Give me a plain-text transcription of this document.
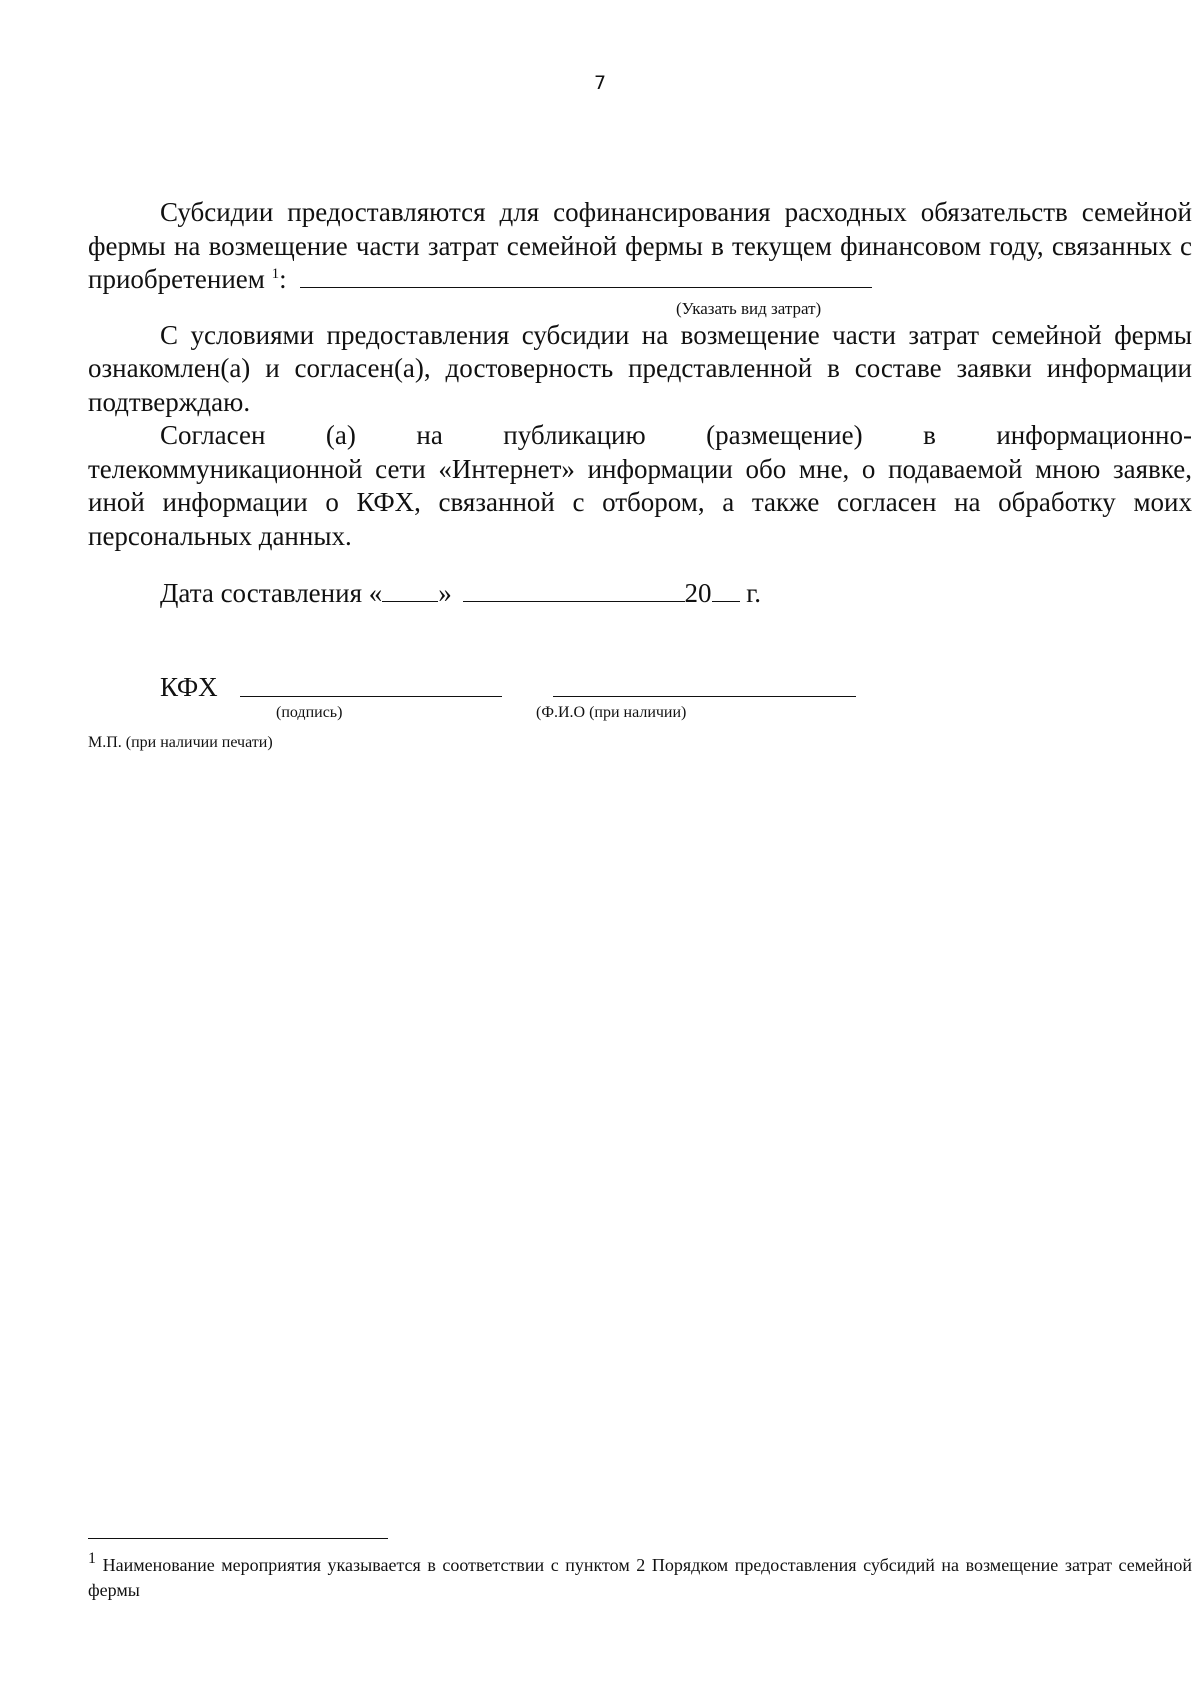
7

Субсидии предоставляются для софинансирования расходных обязательств семейной фермы на возмещение части затрат семейной фермы в текущем финансовом году, связанных с приобретением $^1$:

(Указать вид затрат)

С условиями предоставления субсидии на возмещение части затрат семейной фермы ознакомлен(а) и согласен(а), достоверность представленной в составе заявки информации подтверждаю.

Согласен (а) на публикацию (размещение) в информационно-

телекоммуникационной сети «Интернет» информации обо мне, о подаваемой мною заявке, иной информации о КФХ, связанной с отбором, а также согласен на обработку моих персональных данных.

Дата составления « »	20 г.
КФХ
(подпись)	(Ф.И.О (при наличии)
М.П. (при наличии печати)
$^1$ Наименование мероприятия указывается в соответствии с пунктом 2 Порядком предоставления субсидий на возмещение затрат семейной фермы
